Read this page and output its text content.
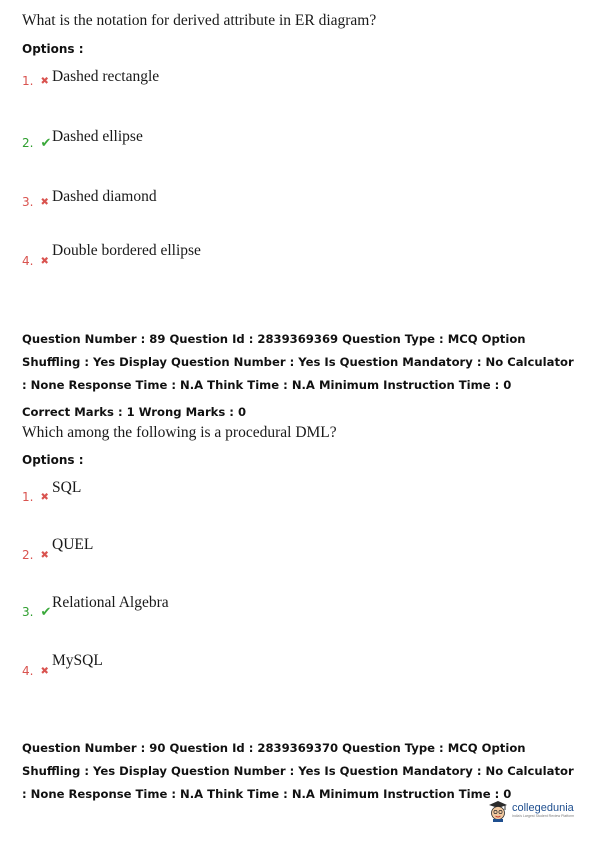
What is the notation for derived attribute in ER diagram?
Options :
1. ✖ Dashed rectangle
2. ✔ Dashed ellipse
3. ✖ Dashed diamond
4. ✖
Double bordered ellipse
Question Number : 89 Question Id : 2839369369 Question Type : MCQ Option Shuffling : Yes Display Question Number : Yes Is Question Mandatory : No Calculator : None Response Time : N.A Think Time : N.A Minimum Instruction Time : 0
Correct Marks : 1 Wrong Marks : 0
Which among the following is a procedural DML?
Options :
1. ✖
SQL
2. ✖
QUEL
3. ✔
Relational Algebra
4. ✖
MySQL
Question Number : 90 Question Id : 2839369370 Question Type : MCQ Option Shuffling : Yes Display Question Number : Yes Is Question Mandatory : No Calculator : None Response Time : N.A Think Time : N.A Minimum Instruction Time : 0
collegedunia
India's Largest Student Review Platform
